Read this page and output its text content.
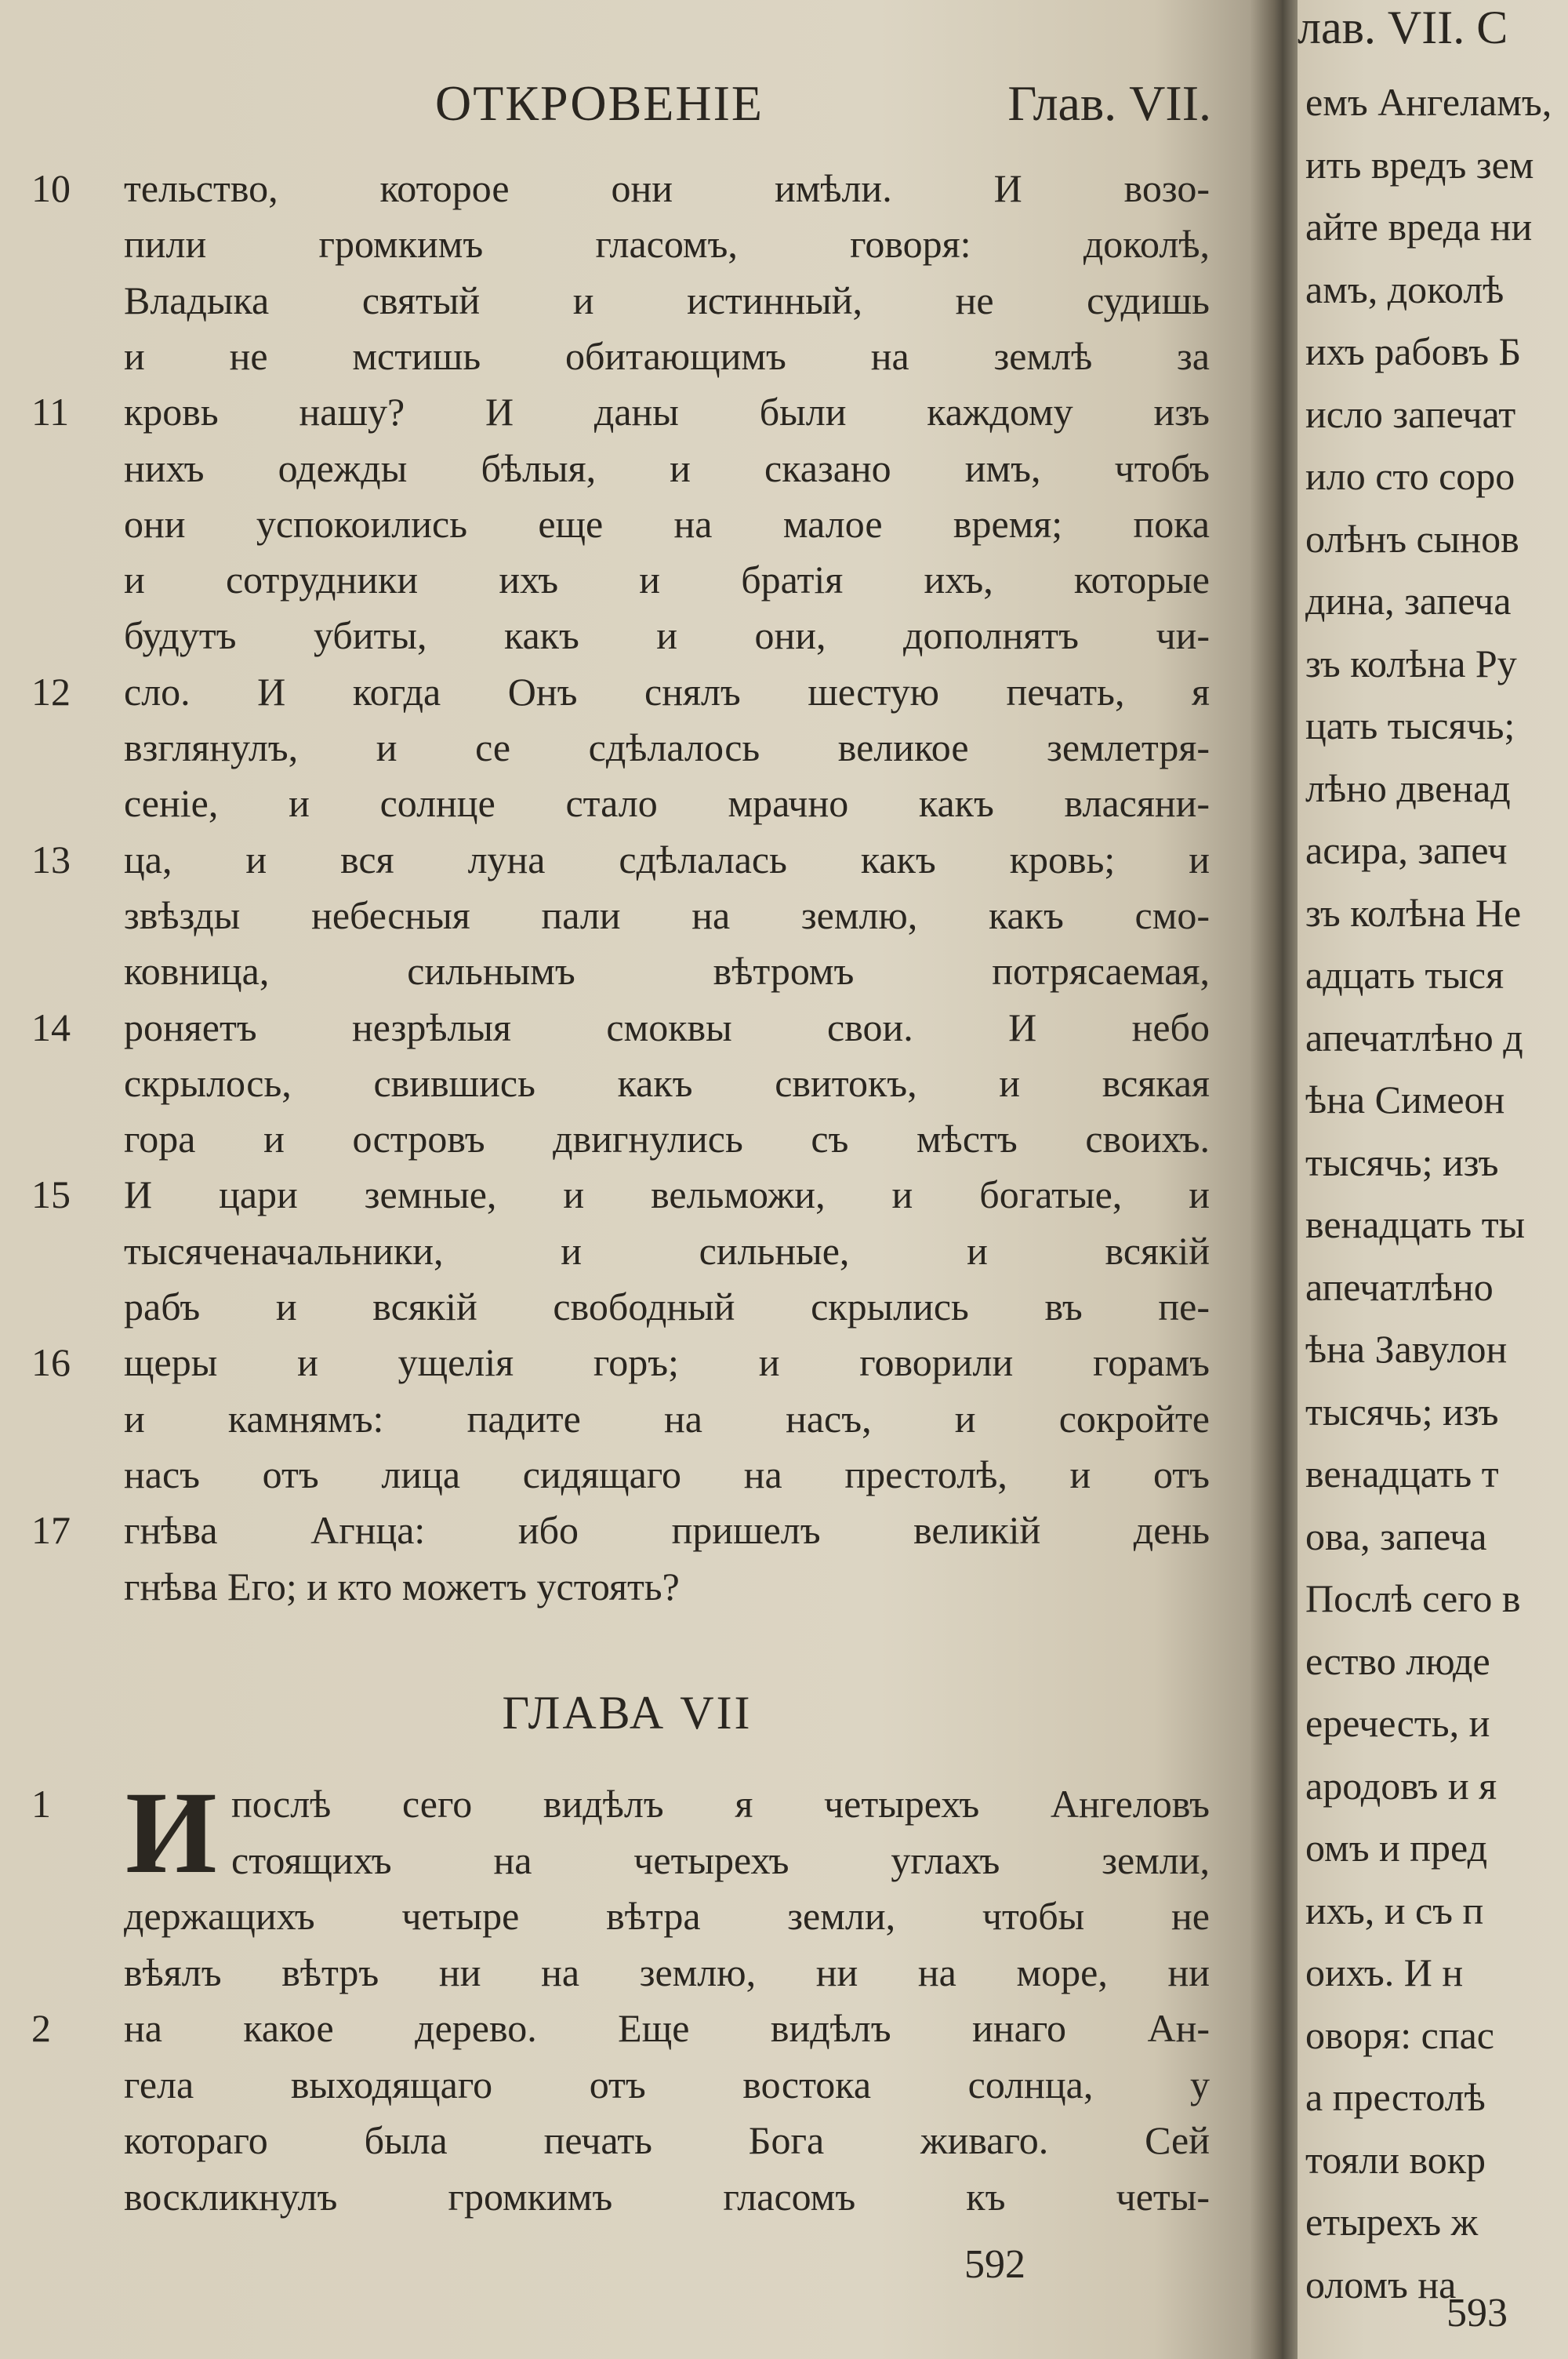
ОТКРОВЕНІЕ	Глав. VII.
10	тельство, которое они имѣли. И возо-
пили громкимъ гласомъ, говоря: доколѣ,
Владыка святый и истинный, не судишь
и не мстишь обитающимъ на землѣ за
11	кровь нашу? И даны были каждому изъ
нихъ одежды бѣлыя, и сказано имъ, чтобъ
они успокоились еще на малое время; пока
и сотрудники ихъ и братія ихъ, которые
будутъ убиты, какъ и они, дополнятъ чи-
12	сло. И когда Онъ снялъ шестую печать, я
взглянулъ, и се сдѣлалось великое землетря-
сеніе, и солнце стало мрачно какъ власяни-
13	ца, и вся луна сдѣлалась какъ кровь; и
звѣзды небесныя пали на землю, какъ смо-
ковница, сильнымъ вѣтромъ потрясаемая,
14	роняетъ незрѣлыя смоквы свои. И небо
скрылось, свившись какъ свитокъ, и всякая
гора и островъ двигнулись съ мѣстъ своихъ.
15	И цари земные, и вельможи, и богатые, и
тысяченачальники, и сильные, и всякій
рабъ и всякій свободный скрылись въ пе-
16	щеры и ущелія горъ; и говорили горамъ
и камнямъ: падите на насъ, и сокройте
насъ отъ лица сидящаго на престолѣ, и отъ
17	гнѣва Агнца: ибо пришелъ великій день
гнѣва Его; и кто можетъ устоять?
ГЛАВА VII
И
1	послѣ сего видѣлъ я четырехъ Ангеловъ
стоящихъ на четырехъ углахъ земли,
держащихъ четыре вѣтра земли, чтобы не
вѣялъ вѣтръ ни на землю, ни на море, ни
2	на какое дерево. Еще видѣлъ инаго Ан-
гела выходящаго отъ востока солнца, у
котораго была печать Бога живаго. Сей
воскликнулъ громкимъ гласомъ къ четы-
592
лав. VII. С
емъ Ангеламъ,
ить вредъ зем
айте вреда ни
амъ, доколѣ
ихъ рабовъ Б
исло запечат
ило сто соро
олѣнъ сынов
дина, запеча
зъ колѣна Ру
цать тысячь;
лѣно двенад
асира, запеч
зъ колѣна Не
адцать тыся
апечатлѣно д
ѣна Симеон
тысячь; изъ
венадцать ты
апечатлѣно
ѣна Завулон
тысячь; изъ
венадцать т
ова, запеча
Послѣ сего в
ество люде
еречесть, и
ародовъ и я
омъ и пред
ихъ, и съ п
оихъ. И н
оворя: спас
а престолѣ
тояли вокр
етырехъ ж
оломъ на
593
